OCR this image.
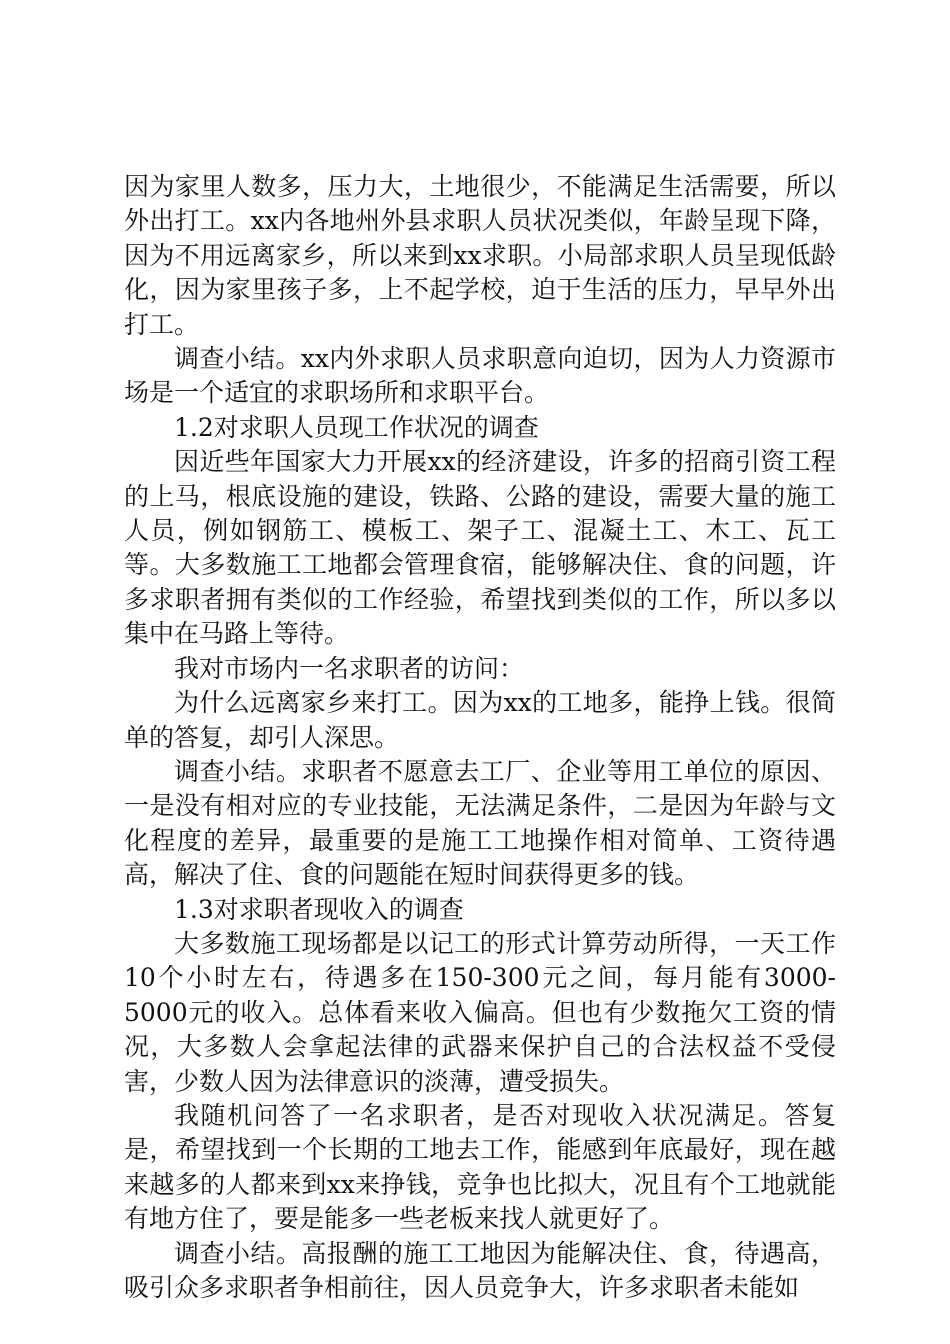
因为家里人数多，压力大，土地很少，不能满足生活需要，所以外出打工。xx内各地州外县求职人员状况类似，年龄呈现下降，因为不用远离家乡，所以来到xx求职。小局部求职人员呈现低龄化，因为家里孩子多，上不起学校，迫于生活的压力，早早外出打工。

调查小结。xx内外求职人员求职意向迫切，因为人力资源市场是一个适宜的求职场所和求职平台。

1.2对求职人员现工作状况的调查

因近些年国家大力开展xx的经济建设，许多的招商引资工程的上马，根底设施的建设，铁路、公路的建设，需要大量的施工人员，例如钢筋工、模板工、架子工、混凝土工、木工、瓦工等。大多数施工工地都会管理食宿，能够解决住、食的问题，许多求职者拥有类似的工作经验，希望找到类似的工作，所以多以集中在马路上等待。

我对市场内一名求职者的访问：

为什么远离家乡来打工。因为xx的工地多，能挣上钱。很简单的答复，却引人深思。

调查小结。求职者不愿意去工厂、企业等用工单位的原因、一是没有相对应的专业技能，无法满足条件，二是因为年龄与文化程度的差异，最重要的是施工工地操作相对简单、工资待遇高，解决了住、食的问题能在短时间获得更多的钱。

1.3对求职者现收入的调查

大多数施工现场都是以记工的形式计算劳动所得，一天工作10个小时左右，待遇多在150-300元之间，每月能有3000-5000元的收入。总体看来收入偏高。但也有少数拖欠工资的情况，大多数人会拿起法律的武器来保护自己的合法权益不受侵害，少数人因为法律意识的淡薄，遭受损失。

我随机问答了一名求职者，是否对现收入状况满足。答复是，希望找到一个长期的工地去工作，能感到年底最好，现在越来越多的人都来到xx来挣钱，竞争也比拟大，况且有个工地就能有地方住了，要是能多一些老板来找人就更好了。

调查小结。高报酬的施工工地因为能解决住、食，待遇高，吸引众多求职者争相前往，因人员竞争大，许多求职者未能如
